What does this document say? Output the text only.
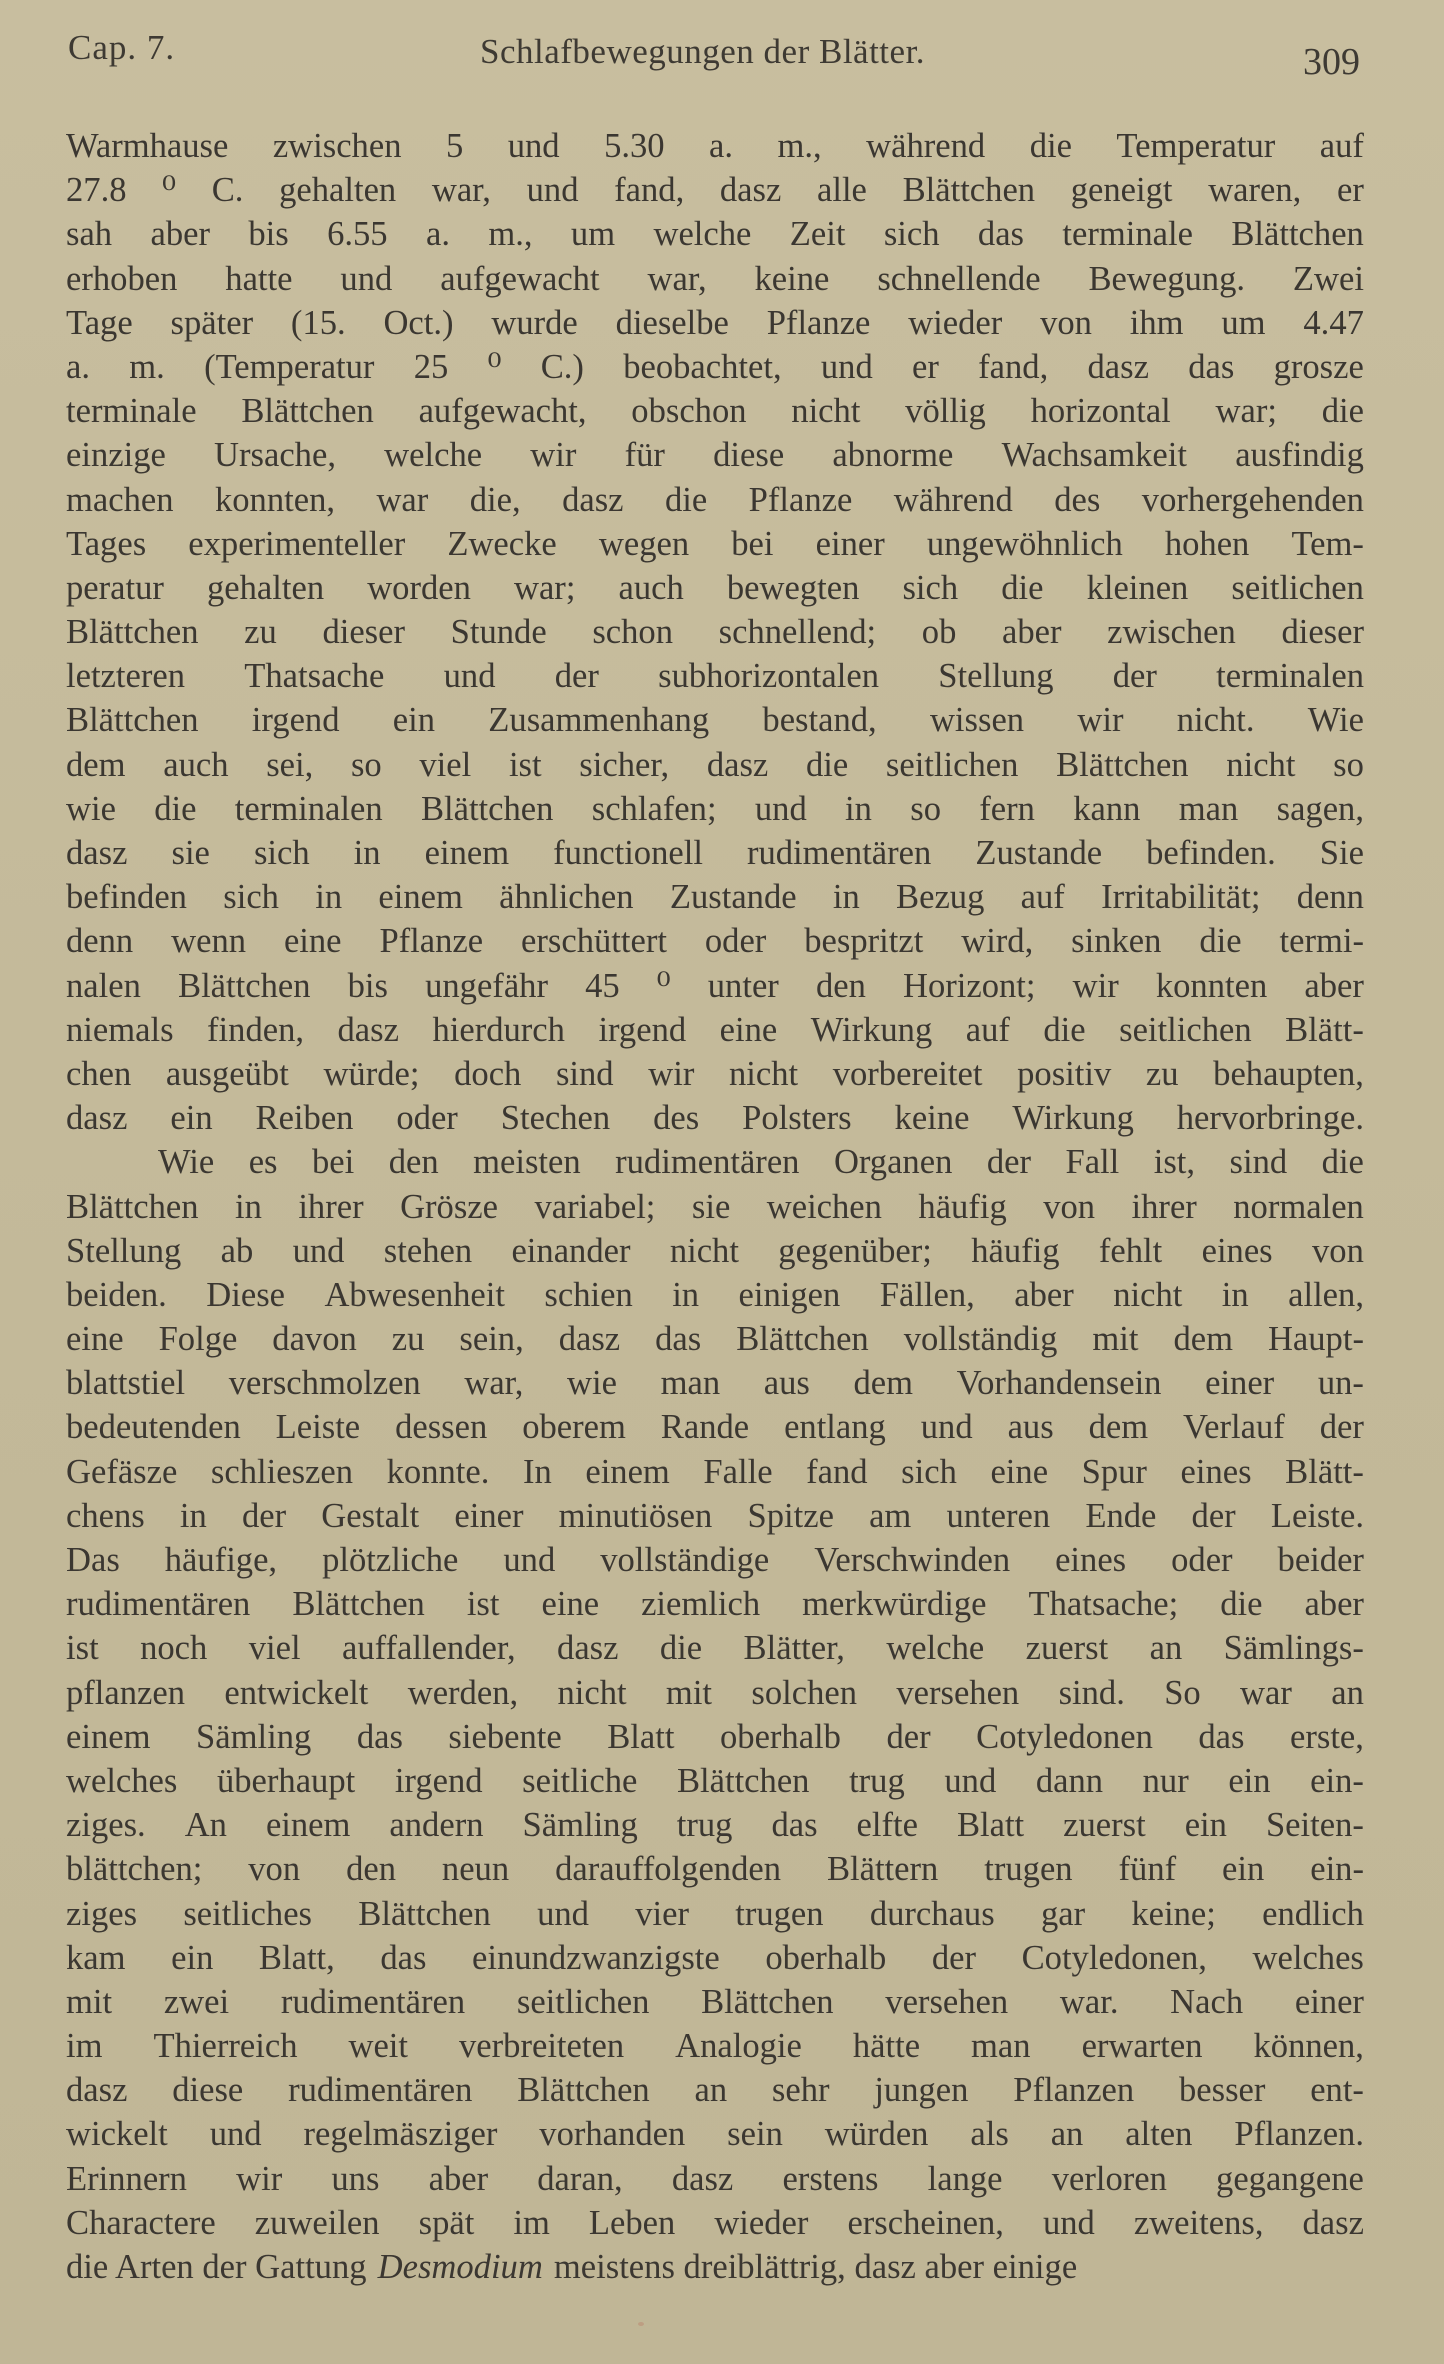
Cap. 7.	Schlafbewegungen der Blätter.	309
Warmhause zwischen 5 und 5.30 a. m., während die Temperatur auf
27.8 ⁰ C. gehalten war, und fand, dasz alle Blättchen geneigt waren, er
sah aber bis 6.55 a. m., um welche Zeit sich das terminale Blättchen
erhoben hatte und aufgewacht war, keine schnellende Bewegung. Zwei
Tage später (15. Oct.) wurde dieselbe Pflanze wieder von ihm um 4.47
a. m. (Temperatur 25 ⁰ C.) beobachtet, und er fand, dasz das grosze
terminale Blättchen aufgewacht, obschon nicht völlig horizontal war; die
einzige Ursache, welche wir für diese abnorme Wachsamkeit ausfindig
machen konnten, war die, dasz die Pflanze während des vorhergehenden
Tages experimenteller Zwecke wegen bei einer ungewöhnlich hohen Tem-
peratur gehalten worden war; auch bewegten sich die kleinen seitlichen
Blättchen zu dieser Stunde schon schnellend; ob aber zwischen dieser
letzteren Thatsache und der subhorizontalen Stellung der terminalen
Blättchen irgend ein Zusammenhang bestand, wissen wir nicht. Wie
dem auch sei, so viel ist sicher, dasz die seitlichen Blättchen nicht so
wie die terminalen Blättchen schlafen; und in so fern kann man sagen,
dasz sie sich in einem functionell rudimentären Zustande befinden. Sie
befinden sich in einem ähnlichen Zustande in Bezug auf Irritabilität; denn
denn wenn eine Pflanze erschüttert oder bespritzt wird, sinken die termi-
nalen Blättchen bis ungefähr 45 ⁰ unter den Horizont; wir konnten aber
niemals finden, dasz hierdurch irgend eine Wirkung auf die seitlichen Blätt-
chen ausgeübt würde; doch sind wir nicht vorbereitet positiv zu behaupten,
dasz ein Reiben oder Stechen des Polsters keine Wirkung hervorbringe.
Wie es bei den meisten rudimentären Organen der Fall ist, sind die
Blättchen in ihrer Grösze variabel; sie weichen häufig von ihrer normalen
Stellung ab und stehen einander nicht gegenüber; häufig fehlt eines von
beiden. Diese Abwesenheit schien in einigen Fällen, aber nicht in allen,
eine Folge davon zu sein, dasz das Blättchen vollständig mit dem Haupt-
blattstiel verschmolzen war, wie man aus dem Vorhandensein einer un-
bedeutenden Leiste dessen oberem Rande entlang und aus dem Verlauf der
Gefäsze schlieszen konnte. In einem Falle fand sich eine Spur eines Blätt-
chens in der Gestalt einer minutiösen Spitze am unteren Ende der Leiste.
Das häufige, plötzliche und vollständige Verschwinden eines oder beider
rudimentären Blättchen ist eine ziemlich merkwürdige Thatsache; die aber
ist noch viel auffallender, dasz die Blätter, welche zuerst an Sämlings-
pflanzen entwickelt werden, nicht mit solchen versehen sind. So war an
einem Sämling das siebente Blatt oberhalb der Cotyledonen das erste,
welches überhaupt irgend seitliche Blättchen trug und dann nur ein ein-
ziges. An einem andern Sämling trug das elfte Blatt zuerst ein Seiten-
blättchen; von den neun darauffolgenden Blättern trugen fünf ein ein-
ziges seitliches Blättchen und vier trugen durchaus gar keine; endlich
kam ein Blatt, das einundzwanzigste oberhalb der Cotyledonen, welches
mit zwei rudimentären seitlichen Blättchen versehen war. Nach einer
im Thierreich weit verbreiteten Analogie hätte man erwarten können,
dasz diese rudimentären Blättchen an sehr jungen Pflanzen besser ent-
wickelt und regelmäsziger vorhanden sein würden als an alten Pflanzen.
Erinnern wir uns aber daran, dasz erstens lange verloren gegangene
Charactere zuweilen spät im Leben wieder erscheinen, und zweitens, dasz
die Arten der Gattung Desmodium meistens dreiblättrig, dasz aber einige
